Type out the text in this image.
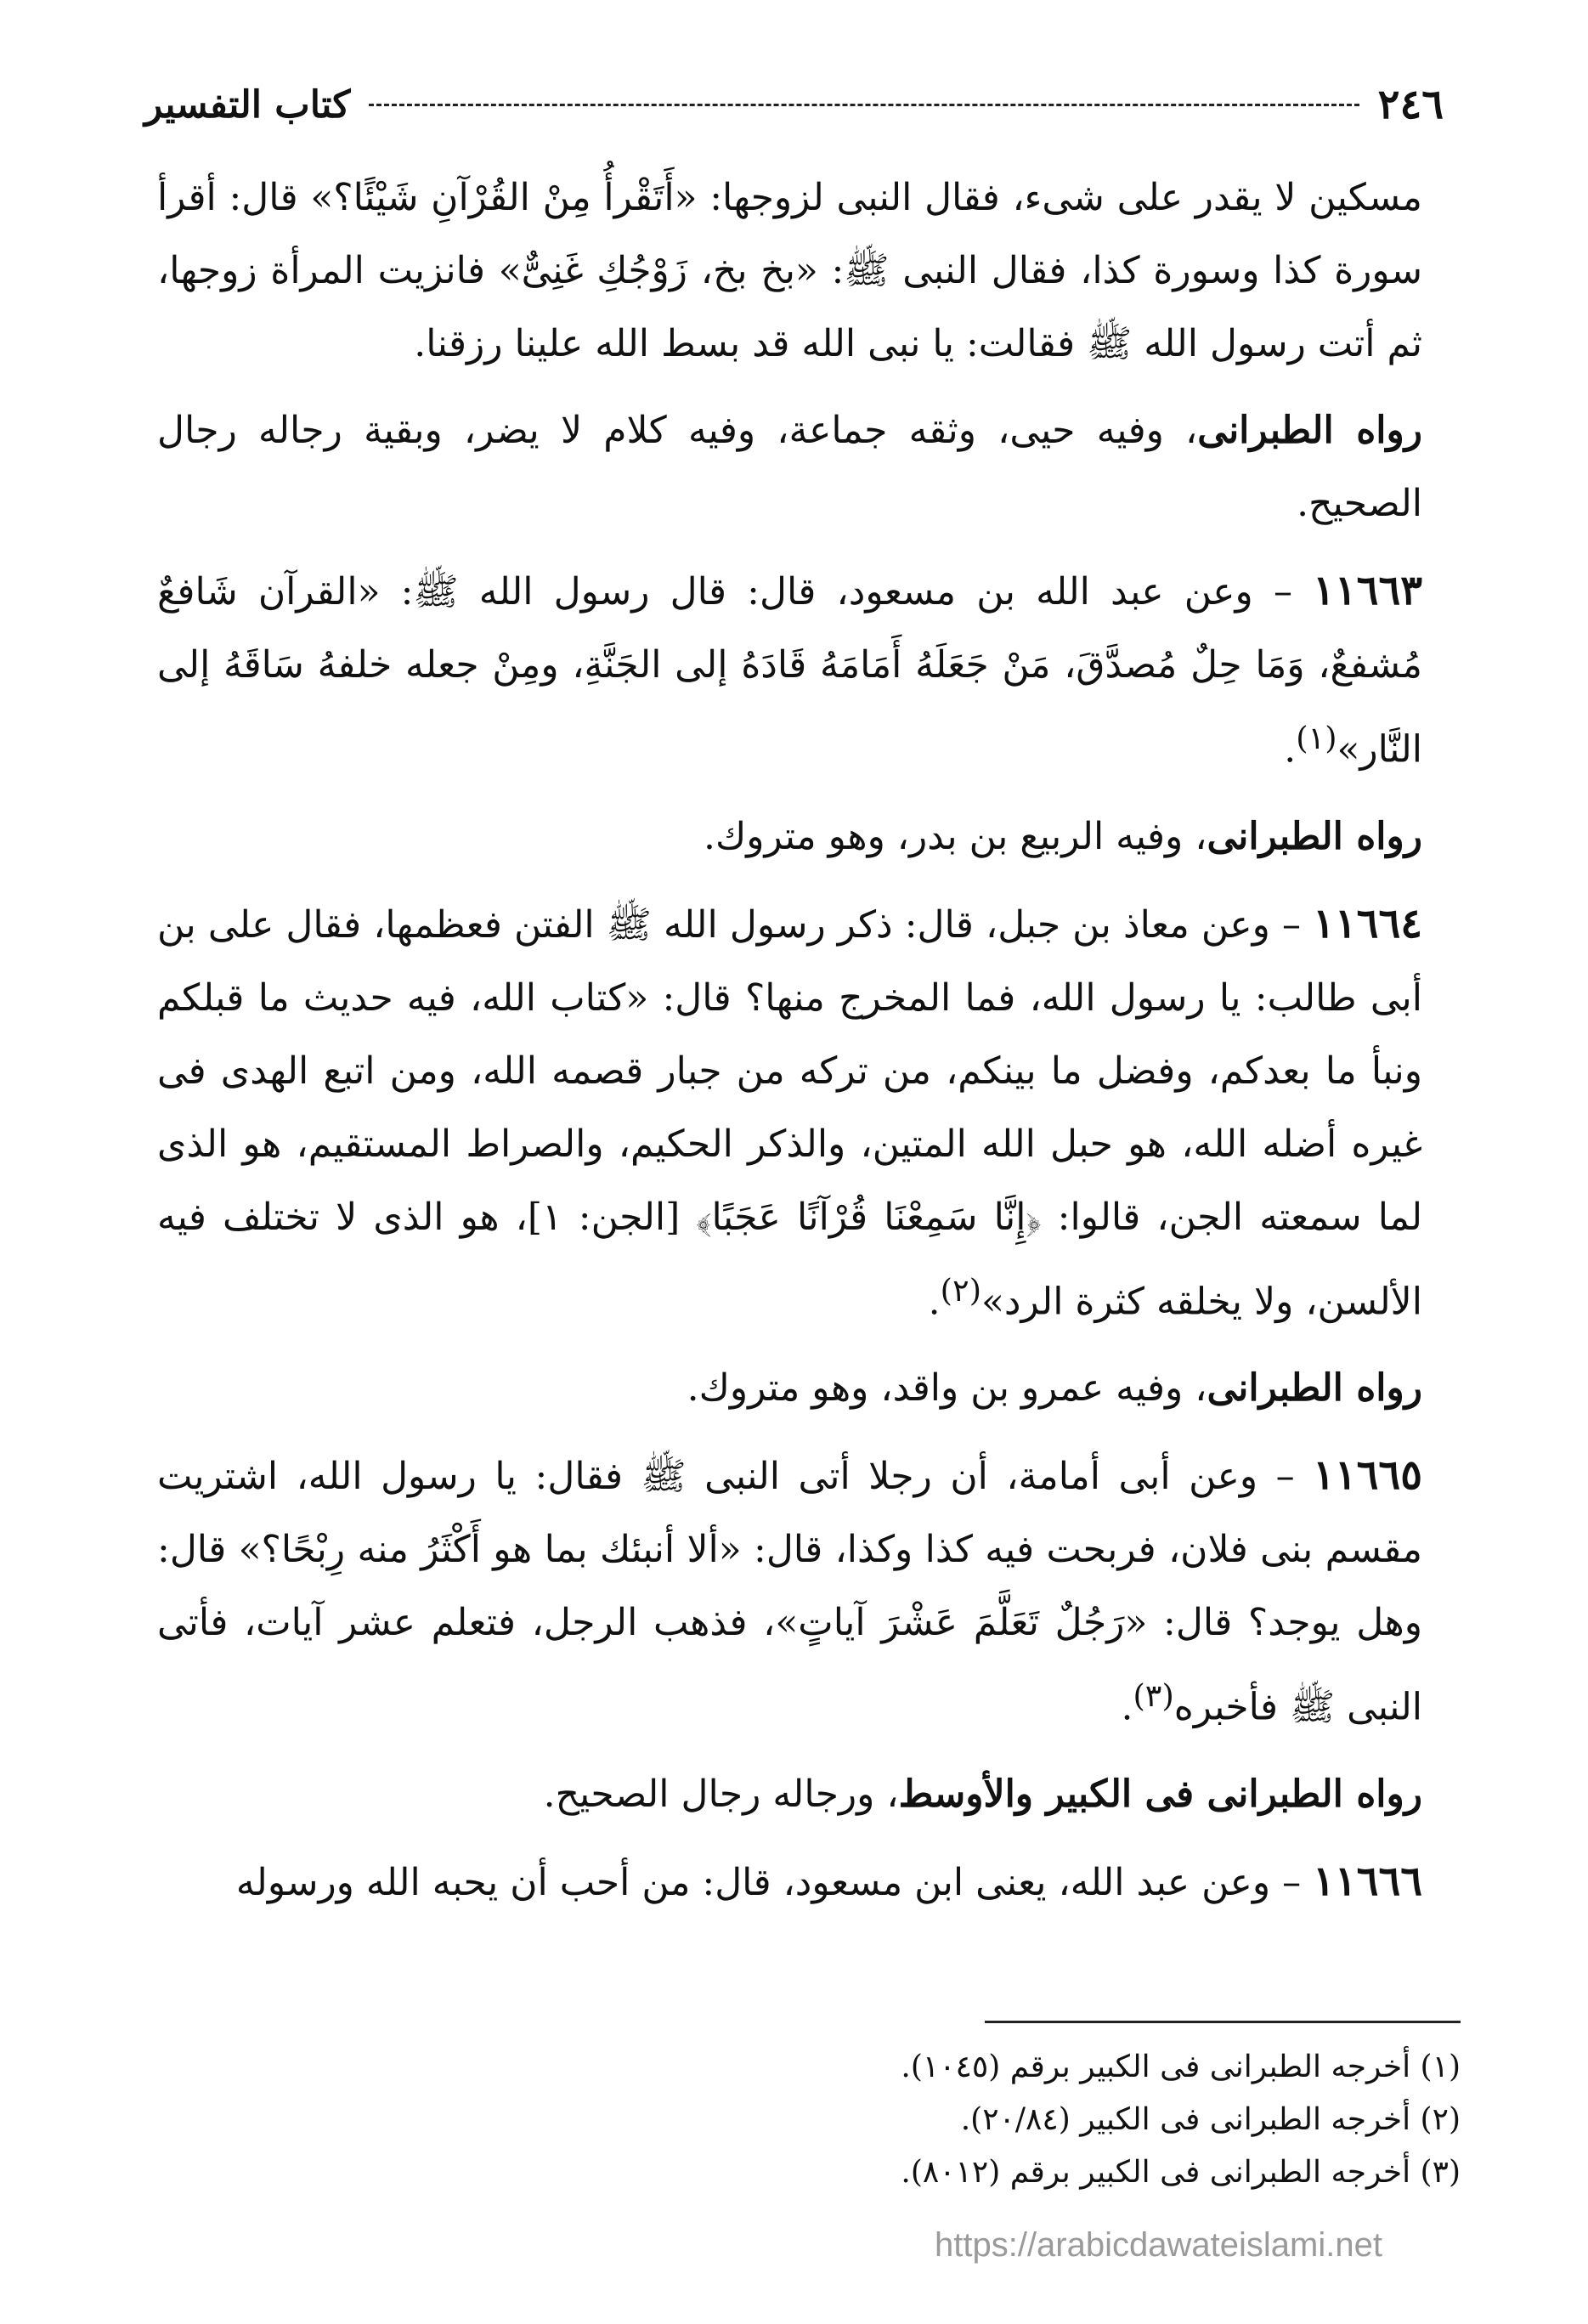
٢٤٦
كتاب التفسير

مسكين لا يقدر على شىء، فقال النبى لزوجها: «أَتَقْرأُ مِنْ القُرْآنِ شَيْئًا؟» قال: أقرأ سورة كذا وسورة كذا، فقال النبى ﷺ: «بخ بخ، زَوْجُكِ غَنِىٌّ» فانزيت المرأة زوجها، ثم أتت رسول الله ﷺ فقالت: يا نبى الله قد بسط الله علينا رزقنا.

رواه الطبرانى، وفيه حيى، وثقه جماعة، وفيه كلام لا يضر، وبقية رجاله رجال الصحيح.

١١٦٦٣ – وعن عبد الله بن مسعود، قال: قال رسول الله ﷺ: «القرآن شَافعٌ مُشفعٌ، وَمَا حِلٌ مُصدَّقَ، مَنْ جَعَلَهُ أَمَامَهُ قَادَهُ إلى الجَنَّةِ، ومِنْ جعله خلفهُ سَاقَهُ إلى النَّار»$^{(١)}$.

رواه الطبرانى، وفيه الربيع بن بدر، وهو متروك.

١١٦٦٤ – وعن معاذ بن جبل، قال: ذكر رسول الله ﷺ الفتن فعظمها، فقال على بن أبى طالب: يا رسول الله، فما المخرج منها؟ قال: «كتاب الله، فيه حديث ما قبلكم ونبأ ما بعدكم، وفضل ما بينكم، من تركه من جبار قصمه الله، ومن اتبع الهدى فى غيره أضله الله، هو حبل الله المتين، والذكر الحكيم، والصراط المستقيم، هو الذى لما سمعته الجن، قالوا: ﴿إِنَّا سَمِعْنَا قُرْآنًا عَجَبًا﴾ [الجن: ١]، هو الذى لا تختلف فيه الألسن، ولا يخلقه كثرة الرد»$^{(٢)}$.

رواه الطبرانى، وفيه عمرو بن واقد، وهو متروك.

١١٦٦٥ – وعن أبى أمامة، أن رجلا أتى النبى ﷺ فقال: يا رسول الله، اشتريت مقسم بنى فلان، فربحت فيه كذا وكذا، قال: «ألا أنبئك بما هو أَكْثَرُ منه رِبْحًا؟» قال: وهل يوجد؟ قال: «رَجُلٌ تَعَلَّمَ عَشْرَ آياتٍ»، فذهب الرجل، فتعلم عشر آيات، فأتى النبى ﷺ فأخبره$^{(٣)}$.

رواه الطبرانى فى الكبير والأوسط، ورجاله رجال الصحيح.

١١٦٦٦ – وعن عبد الله، يعنى ابن مسعود، قال: من أحب أن يحبه الله ورسوله

(١) أخرجه الطبرانى فى الكبير برقم (١٠٤٥).
(٢) أخرجه الطبرانى فى الكبير (٢٠/٨٤).
(٣) أخرجه الطبرانى فى الكبير برقم (٨٠١٢).
https://arabicdawateislami.net
